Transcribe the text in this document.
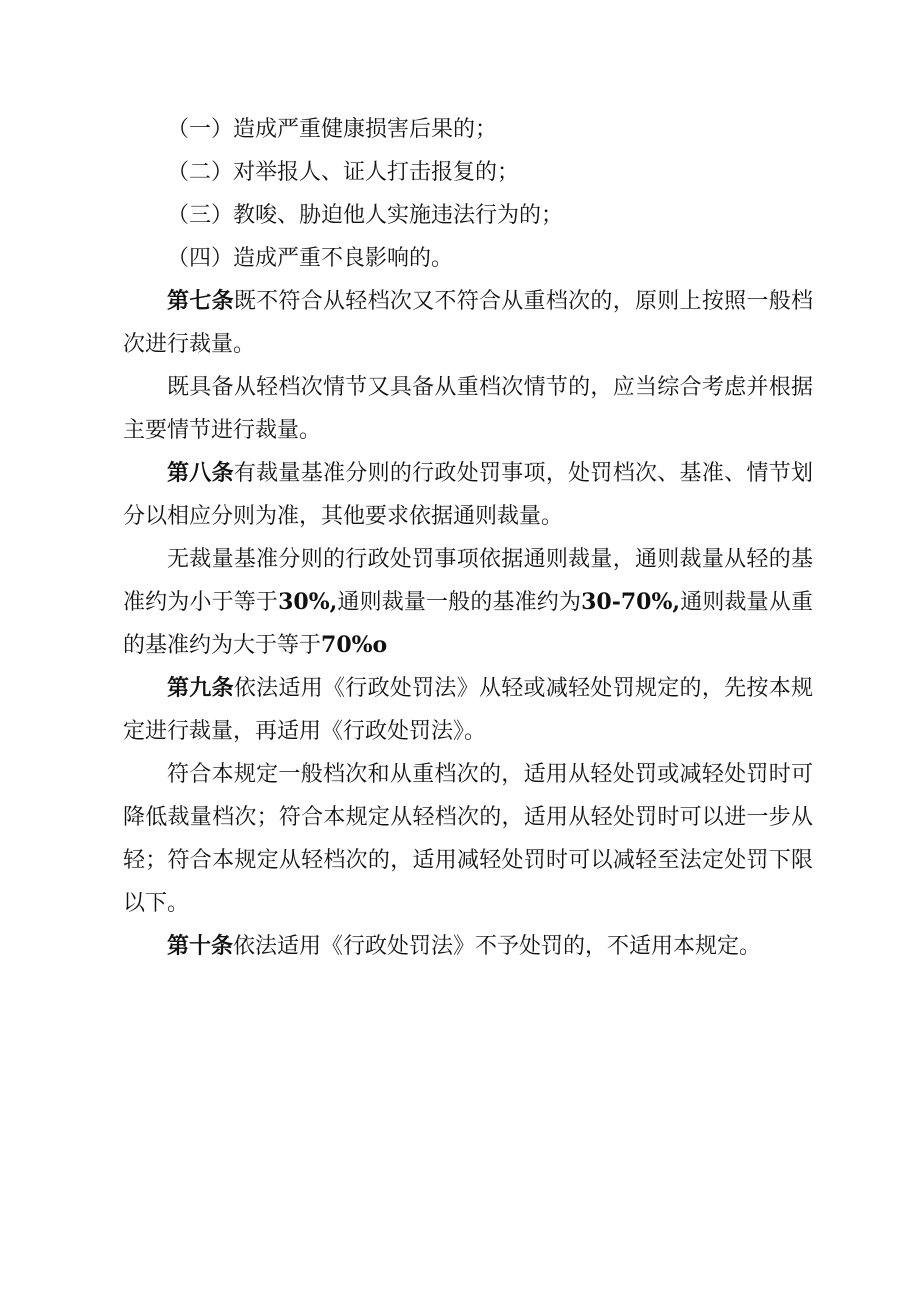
（一）造成严重健康损害后果的；

（二）对举报人、证人打击报复的；

（三）教唆、胁迫他人实施违法行为的；

（四）造成严重不良影响的。

第七条既不符合从轻档次又不符合从重档次的，原则上按照一般档次进行裁量。

既具备从轻档次情节又具备从重档次情节的，应当综合考虑并根据主要情节进行裁量。

第八条有裁量基准分则的行政处罚事项，处罚档次、基准、情节划分以相应分则为准，其他要求依据通则裁量。

无裁量基准分则的行政处罚事项依据通则裁量，通则裁量从轻的基准约为小于等于30%,通则裁量一般的基准约为30-70%,通则裁量从重的基准约为大于等于70%o

第九条依法适用《行政处罚法》从轻或减轻处罚规定的，先按本规定进行裁量，再适用《行政处罚法》。

符合本规定一般档次和从重档次的，适用从轻处罚或减轻处罚时可降低裁量档次；符合本规定从轻档次的，适用从轻处罚时可以进一步从轻；符合本规定从轻档次的，适用减轻处罚时可以减轻至法定处罚下限以下。

第十条依法适用《行政处罚法》不予处罚的，不适用本规定。
